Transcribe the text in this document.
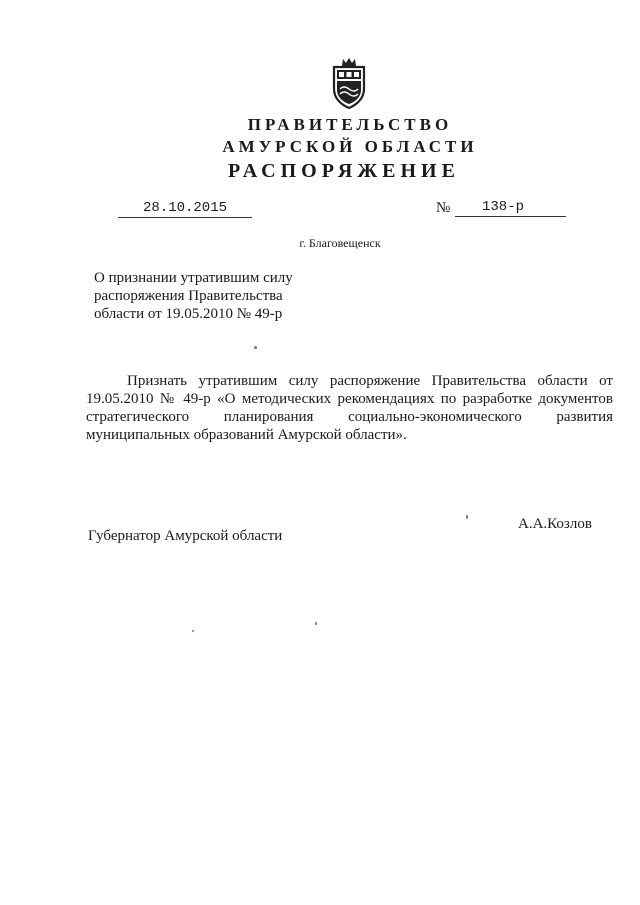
ПРАВИТЕЛЬСТВО
АМУРСКОЙ ОБЛАСТИ
РАСПОРЯЖЕНИЕ
28.10.2015	№	138-р
г. Благовещенск
О признании утратившим силу
распоряжения Правительства
области от 19.05.2010 № 49-р
Признать утратившим силу распоряжение Правительства области от
19.05.2010 № 49-р «О методических рекомендациях по разработке документов
стратегического планирования социально-экономического развития
муниципальных образований Амурской области».
Губернатор Амурской области
А.А.Козлов
